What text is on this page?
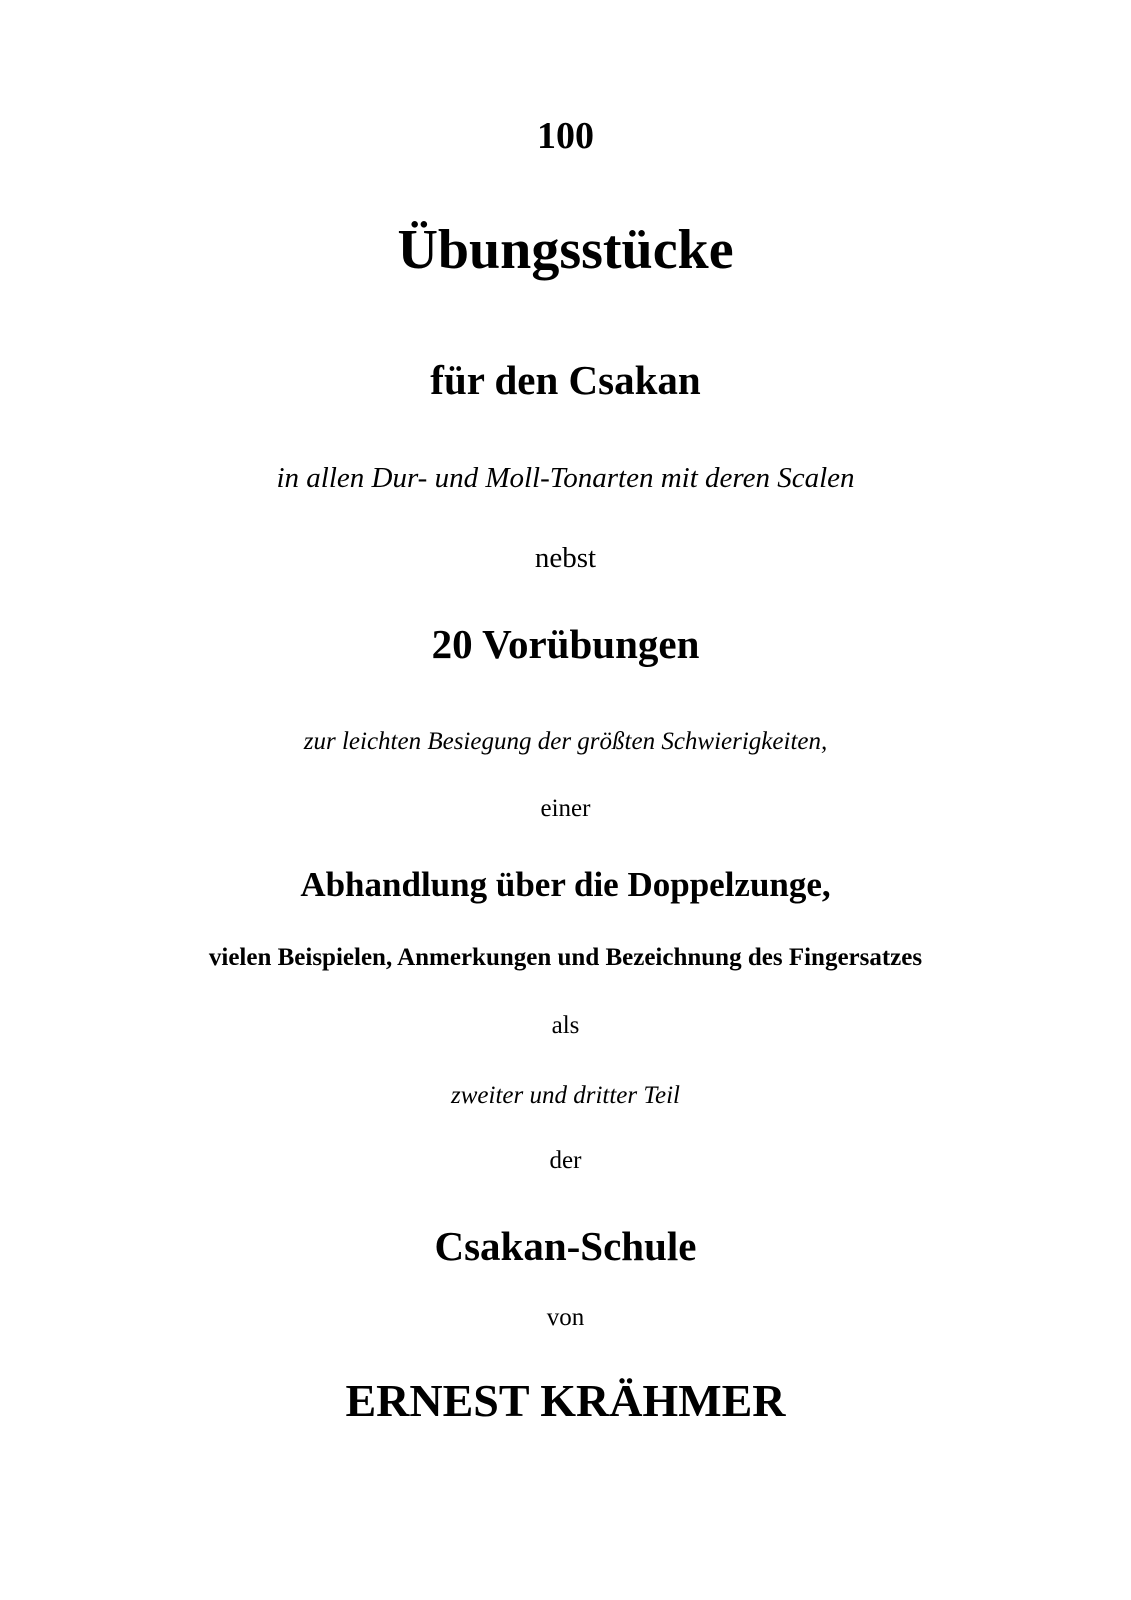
100

Übungsstücke

für den Csakan

in allen Dur- und Moll-Tonarten mit deren Scalen

nebst

20 Vorübungen

zur leichten Besiegung der größten Schwierigkeiten,

einer

Abhandlung über die Doppelzunge,

vielen Beispielen, Anmerkungen und Bezeichnung des Fingersatzes

als

zweiter und dritter Teil

der

Csakan-Schule

von

ERNEST KRÄHMER
